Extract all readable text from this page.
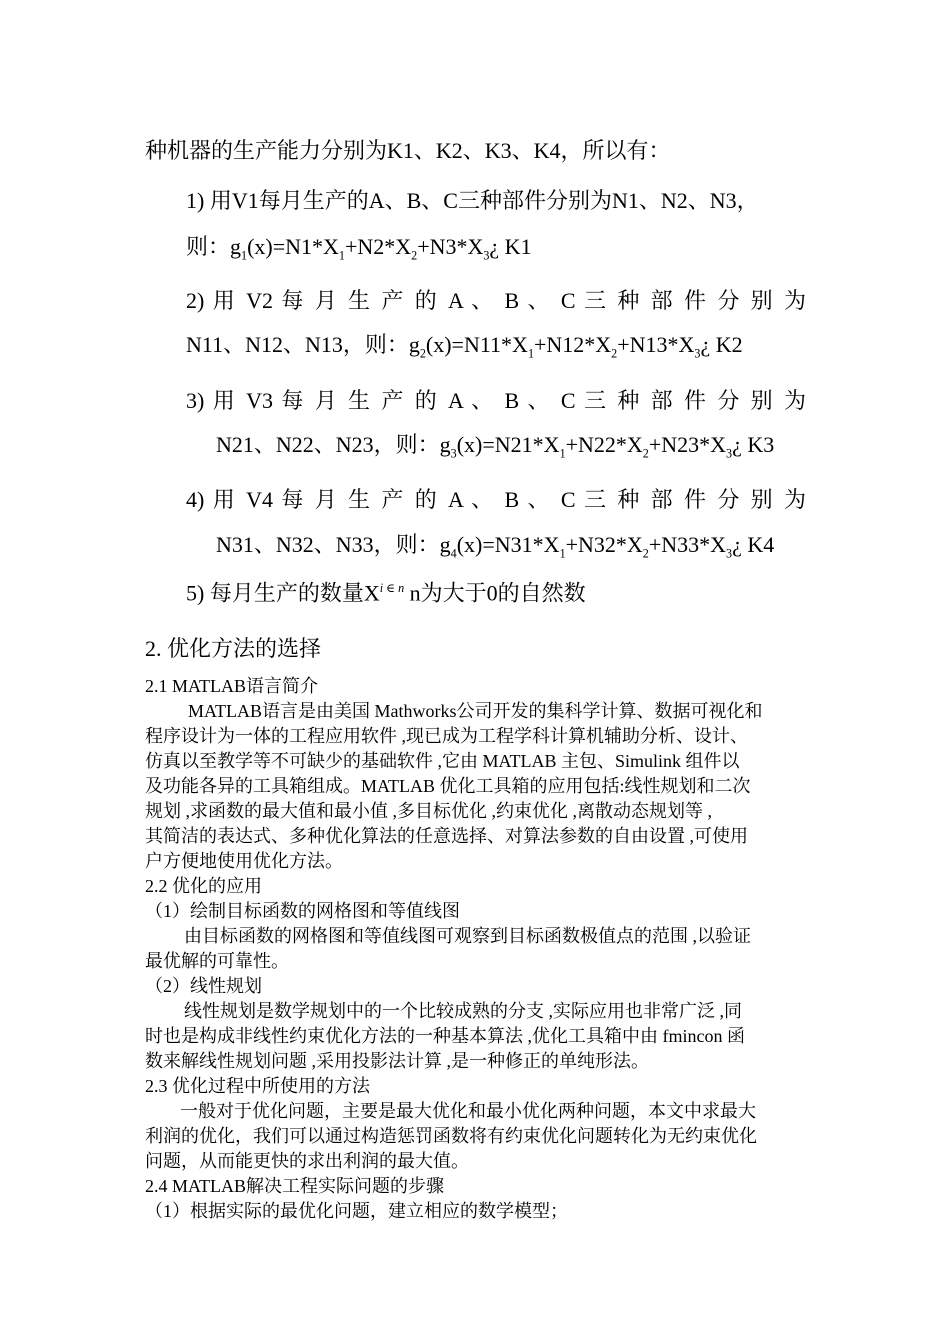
种机器的生产能力分别为K1、K2、K3、K4，所以有：
1) 用V1每月生产的A、B、C三种部件分别为N1、N2、N3，
则：$g_1(x)=N1*X_1+N2*X_2+N3*X_3¿$ K1
2) 用 V2 每 月 生 产 的 A 、 B 、 C 三 种 部 件 分 别 为
N11、N12、N13，则：$g_2(x)=N11*X_1+N12*X_2+N13*X_3¿$ K2
3) 用 V3 每 月 生 产 的 A 、 B 、 C 三 种 部 件 分 别 为
N21、N22、N23，则：$g_3(x)=N21*X_1+N22*X_2+N23*X_3¿$ K3
4) 用 V4 每 月 生 产 的 A 、 B 、 C 三 种 部 件 分 别 为
N31、N32、N33，则：$g_4(x)=N31*X_1+N32*X_2+N33*X_3¿$ K4
5) 每月生产的数量$X^{i \in n}$ n为大于0的自然数
2. 优化方法的选择
2.1 MATLAB语言简介
MATLAB语言是由美国 Mathworks公司开发的集科学计算、数据可视化和
程序设计为一体的工程应用软件 ,现已成为工程学科计算机辅助分析、设计、
仿真以至教学等不可缺少的基础软件 ,它由 MATLAB 主包、Simulink 组件以
及功能各异的工具箱组成。MATLAB 优化工具箱的应用包括:线性规划和二次
规划 ,求函数的最大值和最小值 ,多目标优化 ,约束优化 ,离散动态规划等 ,
其简洁的表达式、多种优化算法的任意选择、对算法参数的自由设置 ,可使用
户方便地使用优化方法。
2.2 优化的应用
（1）绘制目标函数的网格图和等值线图
由目标函数的网格图和等值线图可观察到目标函数极值点的范围 ,以验证
最优解的可靠性。
（2）线性规划
线性规划是数学规划中的一个比较成熟的分支 ,实际应用也非常广泛 ,同
时也是构成非线性约束优化方法的一种基本算法 ,优化工具箱中由 fmincon 函
数来解线性规划问题 ,采用投影法计算 ,是一种修正的单纯形法。
2.3 优化过程中所使用的方法
一般对于优化问题，主要是最大优化和最小优化两种问题，本文中求最大
利润的优化，我们可以通过构造惩罚函数将有约束优化问题转化为无约束优化
问题，从而能更快的求出利润的最大值。
2.4 MATLAB解决工程实际问题的步骤
（1）根据实际的最优化问题，建立相应的数学模型；
